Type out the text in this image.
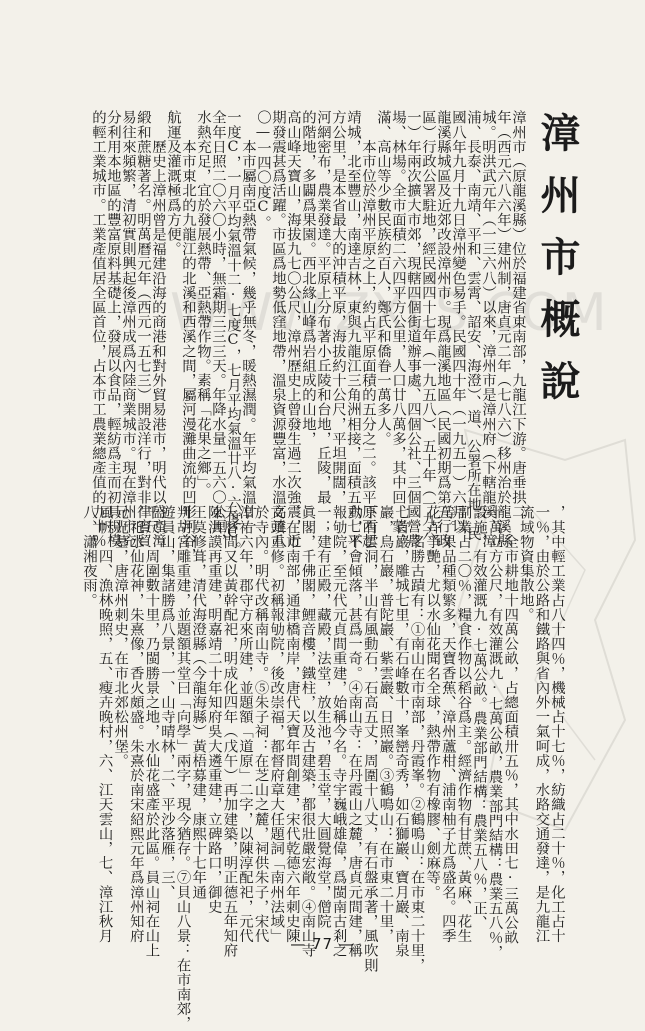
WWW.ZXLS.COM
漳州市概說
漳州市（原龍溪縣）位於福建省東南部，九龍江下游。唐垂拱二
年（西元六八六年）建州制，唐貞元二年（七八六）移州治於龍溪縣
城。明洪武元年（一三六八）以來，漳州市是漳州府（下轄龍溪、漳
浦、長泰、南靖、平和、雲霄、詔安、海澄）、道、公署所在地。民
國八年九月十九日漳州變色易手。民國四十年（一九五一）六月以
龍溪縣城區及近郊改設漳州市。現爲龍溪地區（民國初期爲第五行政
區）行政公署駐地，經民國四十七年（一九五八）、五十年（一九六
一）年兩次擴大市郊，現轄四個街道辦事處、四個公社、三個國營農
場、林場。全市面積二六四平方公里，人口廿八萬多，其中回、蒙、
滿、高山等少數民族約百人，鄭氏和僑眷一萬多人。
　　本市位於漳州平原之上，約占平原面積的五分之二。該平原西起
靖城，北至豐山，南達吉林，東與九龍江三角洲相接，面積五六七平
方公里，是本省最大的沖積平原，海拔約十公尺，平坦開闊，
河網密布，農業發達。平原上分布著小丘陵和台地，丘陵，最
的階地，多闢爲果園。西北緣山峰爲岩組成的山地，
高山峰天寶山，海拔九七〇公尺，漳州歷史上曾發生過二次強震，近
期發震甚爲活躍。市區爲地勢低窪地帶，溫泉資源豐富，水溫高達八
〇—一四〇度C。
　　本市屬南亞熱帶氣候，幾乎無冬，暖熱濕潤。年平均氣溫廿一
一度C，一月平均氣溫十二·七度C，七月平均氣溫廿八·六度C。
全年日照二〇六〇小時，無霜期三三三天。年降水量一五六〇公厘，
水熱充足，宜於發展熱帶、亞熱帶作物。素稱「花果之鄉」。
　　本市東北的九龍江的北溪和西溪之間，屬河漫灘曲流的凹形河谷，
航運及灌溉極爲方便。
　　歷史上漳州曾是福建沿海的商港和對外貿易港市，明代以盛產漳
緞和蔗糖著名。明萬曆元年（西元一五七三）開設洋行，對非律賓貿
易往來頻繁，清初實則興起後漳州成爲內陸商業城市。現在漳州市充
分利用本地區的豐富原料基礎上，發展以食品，輕紡爲主而初具規模
的輕工業城市。工業產值居全區首位，占本市工農業總產值的九十％
，其中輕工業占八十四％，機械占十七％，紡織占二十％，化工占十
一％，由於公路和鐵路與省內外一氣呵成，水路交通發達，是九龍江
流域物資集散地。
　　全市耕地十四萬公畝，占總面積卅五％，其中水田七·三萬公畝
十萬立方公尺，有效灌溉九·七萬公畝，農業部門結構：農業五八％，
設施，有效灌溉九·七萬公畝。農業部門結構：農業五八％，正、
副業占二〇％，糧食作物以稻谷爲主。經濟作物有甘蔗、黃麻、花生
等。果品種類繁多，天寶香蕉、漳州蘆柑、浦南柚子尤爲盛名。四季
花卉爭艷，尤以水仙花聞名全球，熱帶作物有橡膠、劍麻等。
　　名勝古蹟有：①南山在市南部，丹霞峯。②鶴鳴山：在市東二十里，
七首巖，雕城七里，有石峰數十，峯巒奇秀，如石獅巖、寶月巖、南泉
巖，鳥石巖，普陀巖、紫雲巖、日照巖。③鶴鳴山：在市東二十里，
下有雲洞，半山有風動石，石高五丈，周圍十八丈，有石盤承著，風吹則
動，不會傾落，甚爲一奇。④南山寺：在丹霞山之麓，唐貞元間建，稱
報劬院，至元代元貞間重建，始稱今名。寺宇巍峨雄偉，爲閩南古剎之
一；建有正殿，藏殿，法堂，放生池，碧玉堂，大圓覺海堂，僧院
眞閣，千佛閣，鯉音樓，鐵柱，以及古建築，都很壯嚴宏敞。④南山寺
，在市南部，通津橋南岸，唐代天寶年間創建，宋代乾德六年刺史陳
文頭重修。初稱報劬院，後改崇福，都督府章大任題詞「南州法域」
於寺內。明代改稱南山寺。⑤朱子祠：在芝山之麓，祠供朱子，宋代
淳祐六年，郡守方來所建，並題額「道原」二字，以陳淳配祀，元代
天曆間又以黃幹配祀，明成化四年（戊午）再加建築，明正德五年知府
陳洪謨再重建，明嘉靖二十年知府吳大遴重建，立碑路口，御史
王莫修葺，清代海澄縣（今龍海縣）黃梧募建，康熙十七年通
判胡宮雕重建，並題額其堂曰「向學」兩字，現今猶存。⑦貝山八景：在市南郊，
遊員山，集諸勝爲八景，一、山寺晴林，二、平沙落雁，三、
千尺。周圍數十里，乃閩勝景之地，水仙花盛產於此區。員山祠在山上
，祀水仙花神，朱熹像，香火頗盛。朱熹於南宋紹熙元年爲漳州知府
元光墓，唐漳州刺史，在市北郊松州堡。
風帆，四、漁林晚照，五、瘦卉晚村，六、江天雲山，七、漳江秋月
八、瀟湘夜雨。
— 77 —
